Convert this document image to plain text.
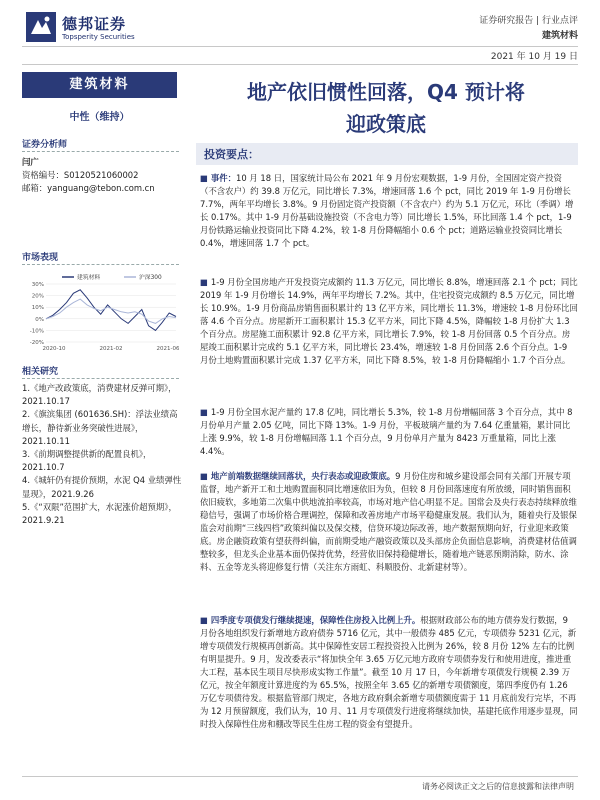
德邦证券
Topsperity Securities
证券研究报告 | 行业点评
建筑材料
2021 年 10 月 19 日
建筑材料
中性（维持）
证券分析师
闫广
资格编号：S0120521060002
邮箱：yanguang@tebon.com.cn
市场表现
30%
20%
10%
0%
-10%
-20%
2020-10	2021-02	2021-06
建筑材料	沪深300
相关研究
1.《地产改政策底，消费建材反弹可期》，2021.10.17
2.《旗滨集团 (601636.SH)：浮法业绩高增长，静待新业务突破性进展》，2021.10.11
3.《前期调整提供新的配置良机》，2021.10.7
4.《城轩仍有提价预期，水泥 Q4 业绩弹性显现》，2021.9.26
5.《“双限”范围扩大，水泥涨价超预期》，2021.9.21
地产依旧惯性回落，Q4 预计将
迎政策底
投资要点：
■ 事件：10 月 18 日，国家统计局公布 2021 年 9 月份宏观数据，1-9 月份，全国固定资产投资（不含农户）约 39.8 万亿元，同比增长 7.3%，增速回落 1.6 个 pct，同比 2019 年 1-9 月份增长 7.7%，两年平均增长 3.8%。9 月份固定资产投资额（不含农户）约为 5.1 万亿元，环比（季调）增长 0.17%。其中 1-9 月份基础设施投资（不含电力等）同比增长 1.5%，环比回落 1.4 个 pct，1-9 月份铁路运输业投资同比下降 4.2%，较 1-8 月份降幅缩小 0.6 个 pct；道路运输业投资同比增长 0.4%，增速回落 1.7 个 pct。
■ 1-9 月份全国房地产开发投资完成额约 11.3 万亿元，同比增长 8.8%，增速回落 2.1 个 pct；同比 2019 年 1-9 月份增长 14.9%，两年平均增长 7.2%。其中，住宅投资完成额约 8.5 万亿元，同比增长 10.9%。1-9 月份商品房销售面积累计约 13 亿平方米，同比增长 11.3%，增速较 1-8 月份环比回落 4.6 个百分点。房屋新开工面积累计 15.3 亿平方米，同比下降 4.5%，降幅较 1-8 月份扩大 1.3 个百分点。房屋施工面积累计 92.8 亿平方米，同比增长 7.9%，较 1-8 月份回落 0.5 个百分点。房屋竣工面积累计完成约 5.1 亿平方米，同比增长 23.4%，增速较 1-8 月份回落 2.6 个百分点。1-9 月份土地购置面积累计完成 1.37 亿平方米，同比下降 8.5%，较 1-8 月份降幅缩小 1.7 个百分点。
■ 1-9 月份全国水泥产量约 17.8 亿吨，同比增长 5.3%，较 1-8 月份增幅回落 3 个百分点，其中 8 月份单月产量 2.05 亿吨，同比下降 13%。1-9 月份，平板玻璃产量约为 7.64 亿重量箱，累计同比上涨 9.9%，较 1-8 月份增幅回落 1.1 个百分点，9 月份单月产量为 8423 万重量箱，同比上涨 4.4%。
■ 地产前端数据继续回落状，央行表态或迎政策底。9 月份住房和城乡建设部会同有关部门开展专项监督，地产新开工和土地购置面积同比增速依旧为负，但较 8 月份回落速度有所放缓，同时销售面积依旧疲软，多地第二次集中供地流拍率较高，市场对地产信心明显不足。国常会及央行表态持续释放维稳信号，强调了市场价格合理调控，保障和改善房地产市场平稳健康发展。我们认为，随着央行及银保监会对前期“三线四档”政策纠偏以及保交楼，信贷环境边际改善，地产数据预期向好，行业迎来政策底。房企融资政策有望获得纠偏，而前期受地产融资政策以及头部房企负面信息影响，消费建材估值调整较多，但龙头企业基本面仍保持优势，经营依旧保持稳健增长，随着地产链恶预期消除，防水、涂料、五金等龙头将迎修复行情（关注东方雨虹、科顺股份、北新建材等）。
■ 四季度专项债发行继续提速，保障性住房投入比例上升。根据财政部公布的地方债券发行数据，9 月份各地组织发行新增地方政府债券 5716 亿元，其中一般债券 485 亿元，专项债券 5231 亿元，新增专项债发行规模再创新高。其中保障性安居工程投资投入比例为 26%，较 8 月份 12% 左右的比例有明显提升。9 月，发改委表示“将加快全年 3.65 万亿元地方政府专项债券发行和使用进度，推进重大工程，基本民生项目尽快形成实物工作量”。截至 10 月 17 日，今年新增专项债发行规模 2.39 万亿元，按全年额度计算进度约为 65.5%，按照全年 3.65 亿的新增专项债额度，第四季度仍有 1.26 万亿专项债待发。根据监管部门规定，各地方政府剩余新增专项债额度需于 11 月底前发行完毕，不再为 12 月预留额度，我们认为，10 月、11 月专项债发行进度将继续加快，基建托底作用逐步显现，同时投入保障性住房和棚改等民生住房工程的资金有望提升。
请务必阅读正文之后的信息披露和法律声明
